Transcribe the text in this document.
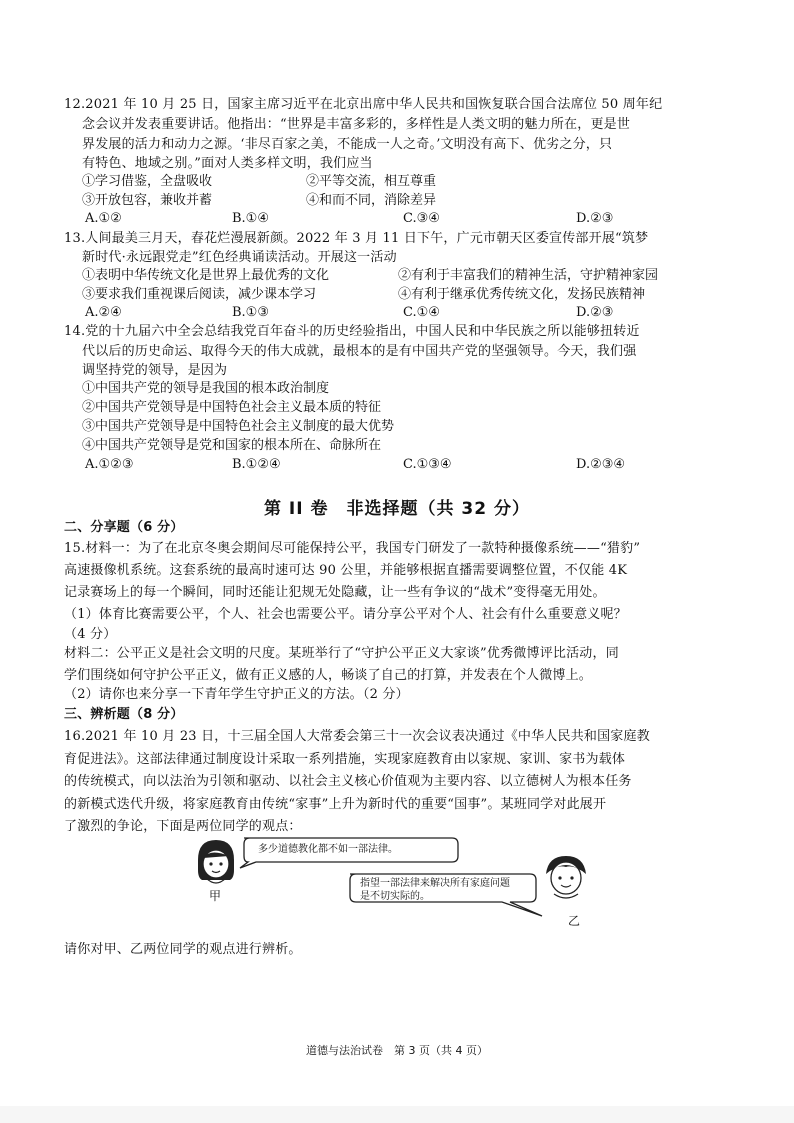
12.2021 年 10 月 25 日，国家主席习近平在北京出席中华人民共和国恢复联合国合法席位 50 周年纪
念会议并发表重要讲话。他指出：“世界是丰富多彩的，多样性是人类文明的魅力所在，更是世
界发展的活力和动力之源。‘非尽百家之美，不能成一人之奇。’文明没有高下、优劣之分，只
有特色、地域之别。”面对人类多样文明，我们应当
①学习借鉴，全盘吸收	②平等交流，相互尊重
③开放包容，兼收并蓄	④和而不同，消除差异
A.①②	B.①④	C.③④	D.②③
13.人间最美三月天，春花烂漫展新颜。2022 年 3 月 11 日下午，广元市朝天区委宣传部开展“筑梦
新时代·永远跟党走”红色经典诵读活动。开展这一活动
①表明中华传统文化是世界上最优秀的文化	②有利于丰富我们的精神生活，守护精神家园
③要求我们重视课后阅读，减少课本学习	④有利于继承优秀传统文化，发扬民族精神
A.②④	B.①③	C.①④	D.②③
14.党的十九届六中全会总结我党百年奋斗的历史经验指出，中国人民和中华民族之所以能够扭转近
代以后的历史命运、取得今天的伟大成就，最根本的是有中国共产党的坚强领导。今天，我们强
调坚持党的领导，是因为
①中国共产党的领导是我国的根本政治制度
②中国共产党领导是中国特色社会主义最本质的特征
③中国共产党领导是中国特色社会主义制度的最大优势
④中国共产党领导是党和国家的根本所在、命脉所在
A.①②③	B.①②④	C.①③④	D.②③④
第 II 卷　非选择题（共 32 分）
二、分享题（6 分）
15.材料一：为了在北京冬奥会期间尽可能保持公平，我国专门研发了一款特种摄像系统——“猎豹”
高速摄像机系统。这套系统的最高时速可达 90 公里，并能够根据直播需要调整位置，不仅能 4K
记录赛场上的每一个瞬间，同时还能让犯规无处隐藏，让一些有争议的“战术”变得毫无用处。
（1）体育比赛需要公平，个人、社会也需要公平。请分享公平对个人、社会有什么重要意义呢？
（4 分）
材料二：公平正义是社会文明的尺度。某班举行了“守护公平正义大家谈”优秀微博评比活动，同
学们围绕如何守护公平正义，做有正义感的人，畅谈了自己的打算，并发表在个人微博上。
（2）请你也来分享一下青年学生守护正义的方法。（2 分）
三、辨析题（8 分）
16.2021 年 10 月 23 日，十三届全国人大常委会第三十一次会议表决通过《中华人民共和国家庭教
育促进法》。这部法律通过制度设计采取一系列措施，实现家庭教育由以家规、家训、家书为载体
的传统模式，向以法治为引领和驱动、以社会主义核心价值观为主要内容、以立德树人为根本任务
的新模式迭代升级，将家庭教育由传统“家事”上升为新时代的重要“国事”。某班同学对此展开
了激烈的争论，下面是两位同学的观点：
多少道德教化都不如一部法律。
指望一部法律来解决所有家庭问题
是不切实际的。
甲
乙
请你对甲、乙两位同学的观点进行辨析。
道德与法治试卷　第 3 页（共 4 页）
